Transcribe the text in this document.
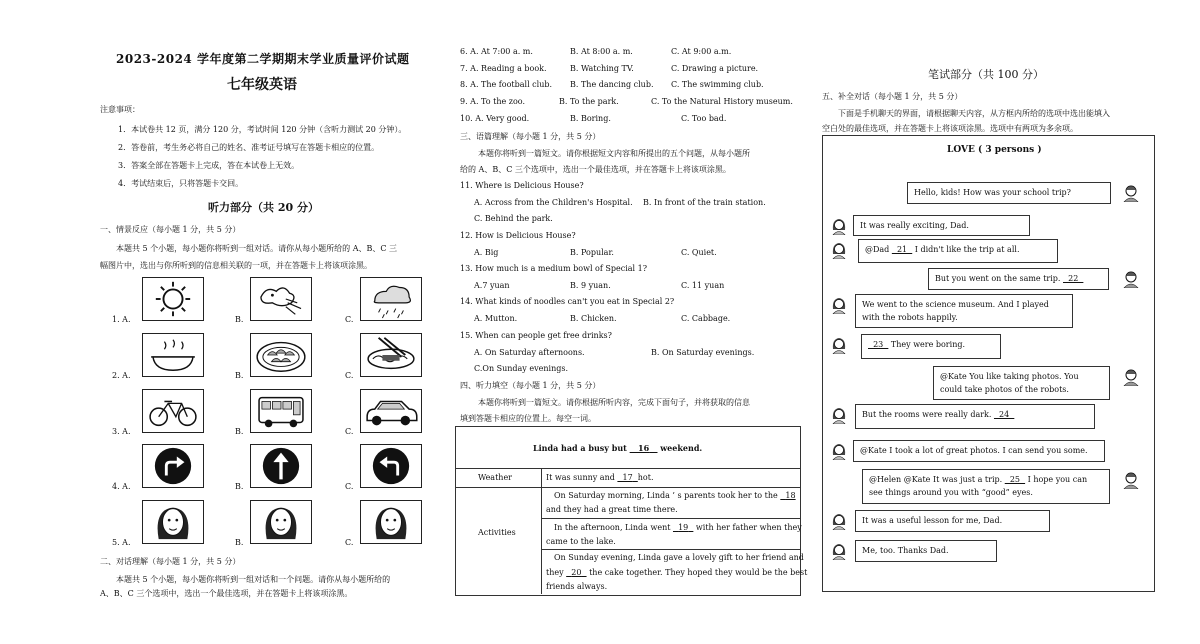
2023-2024 学年度第二学期期末学业质量评价试题
七年级英语
注意事项：
1．本试卷共 12 页，满分 120 分，考试时间 120 分钟（含听力测试 20 分钟）。
2．答卷前，考生务必将自己的姓名、准考证号填写在答题卡相应的位置。
3．答案全部在答题卡上完成，答在本试卷上无效。
4．考试结束后，只将答题卡交回。
听力部分（共 20 分）
一、情景反应（每小题 1 分，共 5 分）
本题共 5 个小题，每小题你将听到一组对话。请你从每小题所给的 A、B、C 三
幅图片中，选出与你所听到的信息相关联的一项，并在答题卡上将该项涂黑。
1. A.	B.	C.
2. A.	B.	C.
3. A.	B.	C.
4. A.	B.	C.
5. A.	B.	C.
二、对话理解（每小题 1 分，共 5 分）
本题共 5 个小题，每小题你将听到一组对话和一个问题。请你从每小题所给的
A、B、C 三个选项中，选出一个最佳选项，并在答题卡上将该项涂黑。
6. A. At 7:00 a. m.	B. At 8:00 a. m.	C. At 9:00 a.m.
7. A. Reading a book.	B. Watching TV.	C. Drawing a picture.
8. A. The football club. B. The dancing club. C. The swimming club.
9. A. To the zoo.	B. To the park.	C. To the Natural History museum.
10. A. Very good.	B. Boring.	C. Too bad.
三、语篇理解（每小题 1 分，共 5 分）
本题你将听到一篇短文。请你根据短文内容和所提出的五个问题，从每小题所
给的 A、B、C 三个选项中，选出一个最佳选项，并在答题卡上将该项涂黑。
11. Where is Delicious House?
A. Across from the Children's Hospital. B. In front of the train station.
C. Behind the park.
12. How is Delicious House?
A. Big	B. Popular.	C. Quiet.
13. How much is a medium bowl of Special 1?
A.7 yuan	B. 9 yuan.	C. 11 yuan
14. What kinds of noodles can't you eat in Special 2?
A. Mutton.	B. Chicken.	C. Cabbage.
15. When can people get free drinks?
A. On Saturday afternoons.	B. On Saturday evenings.
C.On Sunday evenings.
四、听力填空（每小题 1 分，共 5 分）
本题你将听到一篇短文。请你根据所听内容，完成下面句子，并将获取的信息
填到答题卡相应的位置上。每空一词。
Linda had a busy but 16 weekend.
Weather	It was sunny and 17 hot.
Activities
On Saturday morning, Linda ’ s parents took her to the 18
and they had a great time there.
In the afternoon, Linda went 19 with her father when they
came to the lake.
On Sunday evening, Linda gave a lovely gift to her friend and
they 20 the cake together. They hoped they would be the best
friends always.
笔试部分（共 100 分）
五、补全对话（每小题 1 分，共 5 分）
下面是手机聊天的界面，请根据聊天内容，从方框内所给的选项中选出能填入
空白处的最佳选项，并在答题卡上将该项涂黑。选项中有两项为多余项。
LOVE ( 3 persons )
Hello, kids! How was your school trip?
It was really exciting, Dad.
@Dad   21   I didn't like the trip at all.
But you went on the same trip.   22
We went to the science museum. And I played with the robots happily.
23   They were boring.
@Kate You like taking photos. You could take photos of the robots.
But the rooms were really dark.   24
@Kate I took a lot of great photos. I can send you some.
@Helen @Kate It was just a trip.   25   I hope you can see things around you with “good” eyes.
It was a useful lesson for me, Dad.
Me, too. Thanks Dad.
